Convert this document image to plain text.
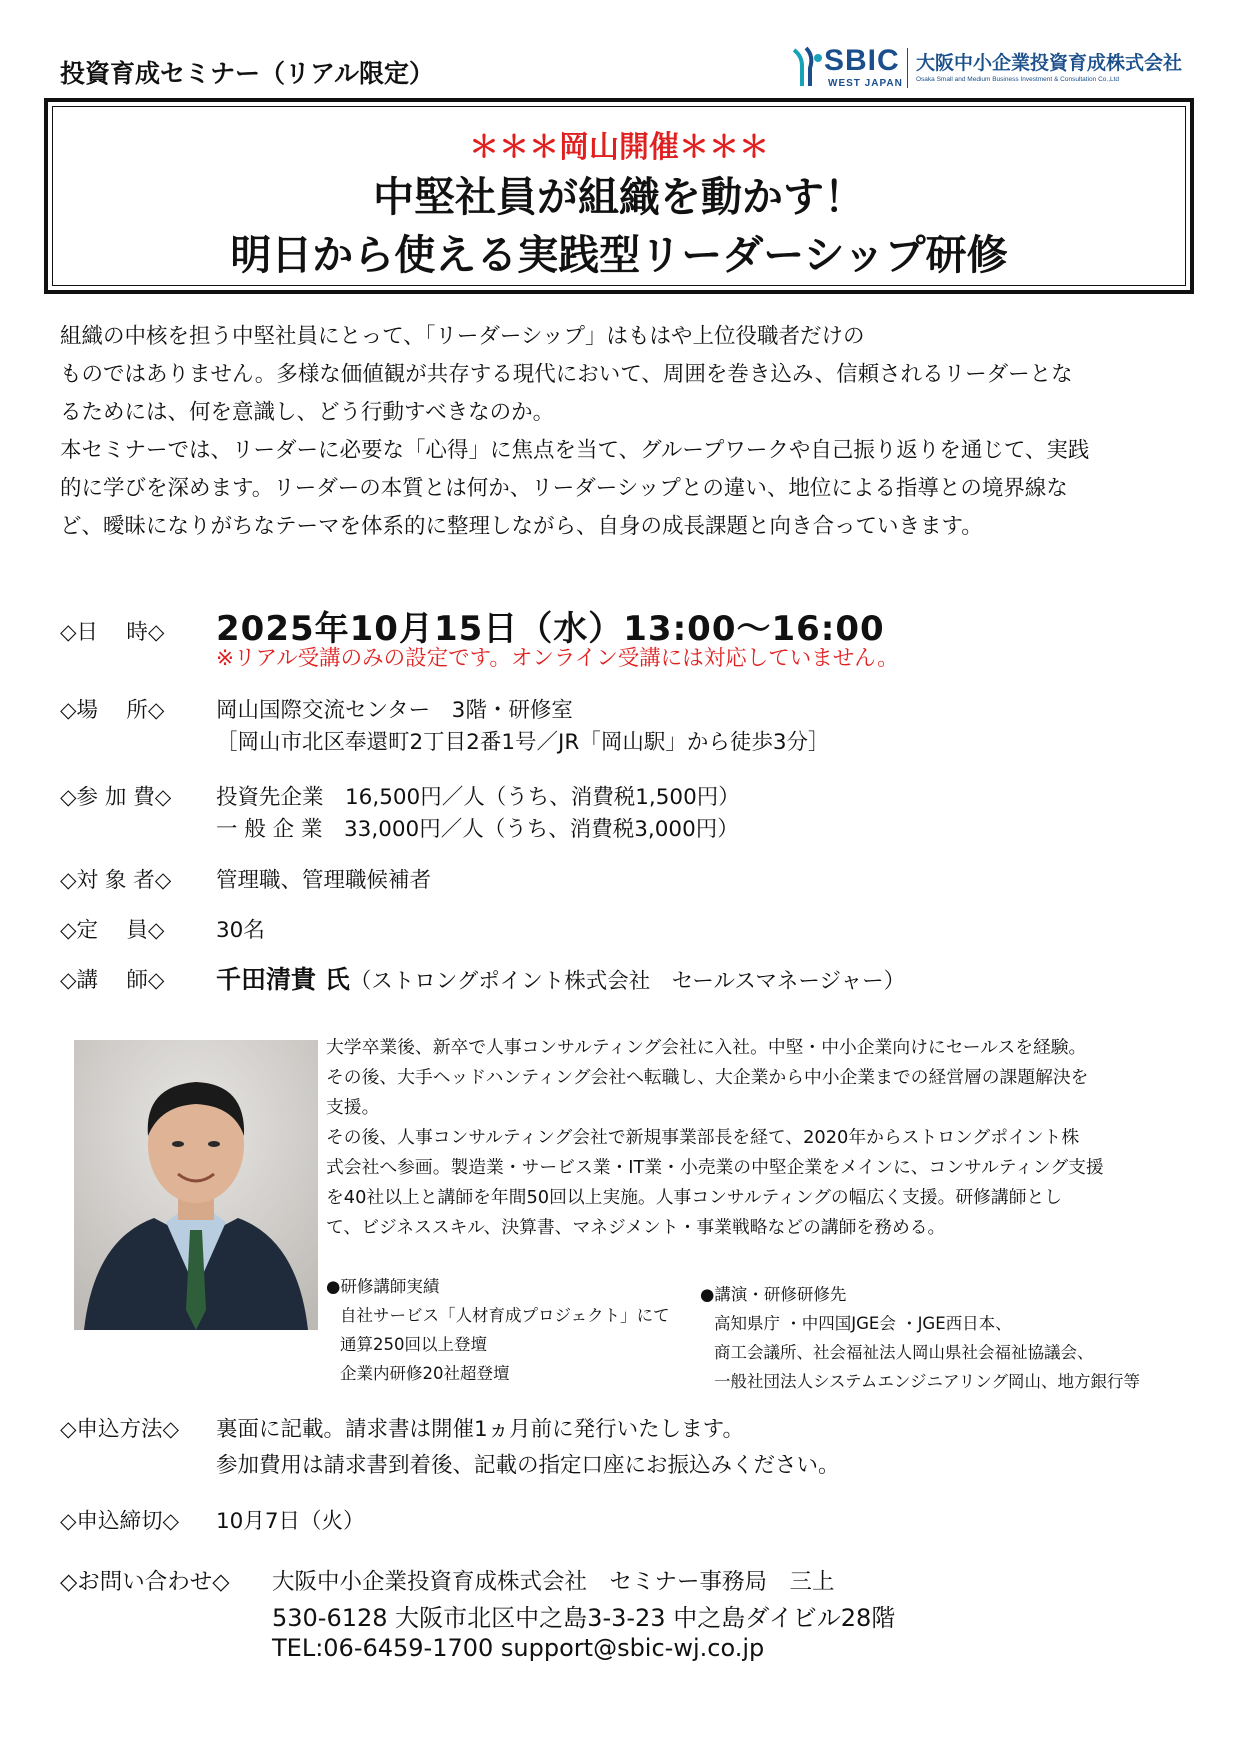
投資育成セミナー（リアル限定）	SBIC
WEST JAPAN
大阪中小企業投資育成株式会社
Osaka Small and Medium Business Investment & Consultation Co.,Ltd
＊＊＊岡山開催＊＊＊
中堅社員が組織を動かす！
明日から使える実践型リーダーシップ研修

組織の中核を担う中堅社員にとって、「リーダーシップ」はもはや上位役職者だけの

ものではありません。多様な価値観が共存する現代において、周囲を巻き込み、信頼されるリーダーとな

るためには、何を意識し、どう行動すべきなのか。

本セミナーでは、リーダーに必要な「心得」に焦点を当て、グループワークや自己振り返りを通じて、実践

的に学びを深めます。リーダーの本質とは何か、リーダーシップとの違い、地位による指導との境界線な

ど、曖昧になりがちなテーマを体系的に整理しながら、自身の成長課題と向き合っていきます。

◇日　 時◇ 2025年10月15日（水）13:00～16:00
※リアル受講のみの設定です。オンライン受講には対応していません。
◇場　 所◇ 岡山国際交流センター　3階・研修室
［岡山市北区奉還町2丁目2番1号／JR「岡山駅」から徒歩3分］
◇参 加 費◇ 投資先企業　16,500円／人（うち、消費税1,500円）
一 般 企 業　33,000円／人（うち、消費税3,000円）
◇対 象 者◇ 管理職、管理職候補者
◇定　 員◇ 30名
◇講　 師◇ 千田清貴 氏（ストロングポイント株式会社　セールスマネージャー）

大学卒業後、新卒で人事コンサルティング会社に入社。中堅・中小企業向けにセールスを経験。

その後、大手ヘッドハンティング会社へ転職し、大企業から中小企業までの経営層の課題解決を

支援。

その後、人事コンサルティング会社で新規事業部長を経て、2020年からストロングポイント株

式会社へ参画。製造業・サービス業・IT業・小売業の中堅企業をメインに、コンサルティング支援

を40社以上と講師を年間50回以上実施。人事コンサルティングの幅広く支援。研修講師とし

て、ビジネススキル、決算書、マネジメント・事業戦略などの講師を務める。

●研修講師実績
自社サービス「人材育成プロジェクト」にて
通算250回以上登壇
企業内研修20社超登壇
●講演・研修研修先
高知県庁 ・中四国JGE会 ・JGE西日本、
商工会議所、社会福祉法人岡山県社会福祉協議会、
一般社団法人システムエンジニアリング岡山、地方銀行等
◇申込方法◇ 裏面に記載。請求書は開催1ヵ月前に発行いたします。
参加費用は請求書到着後、記載の指定口座にお振込みください。
◇申込締切◇ 10月7日（火）
◇お問い合わせ◇ 大阪中小企業投資育成株式会社　セミナー事務局　三上
530-6128 大阪市北区中之島3-3-23 中之島ダイビル28階
TEL:06-6459-1700 support@sbic-wj.co.jp
